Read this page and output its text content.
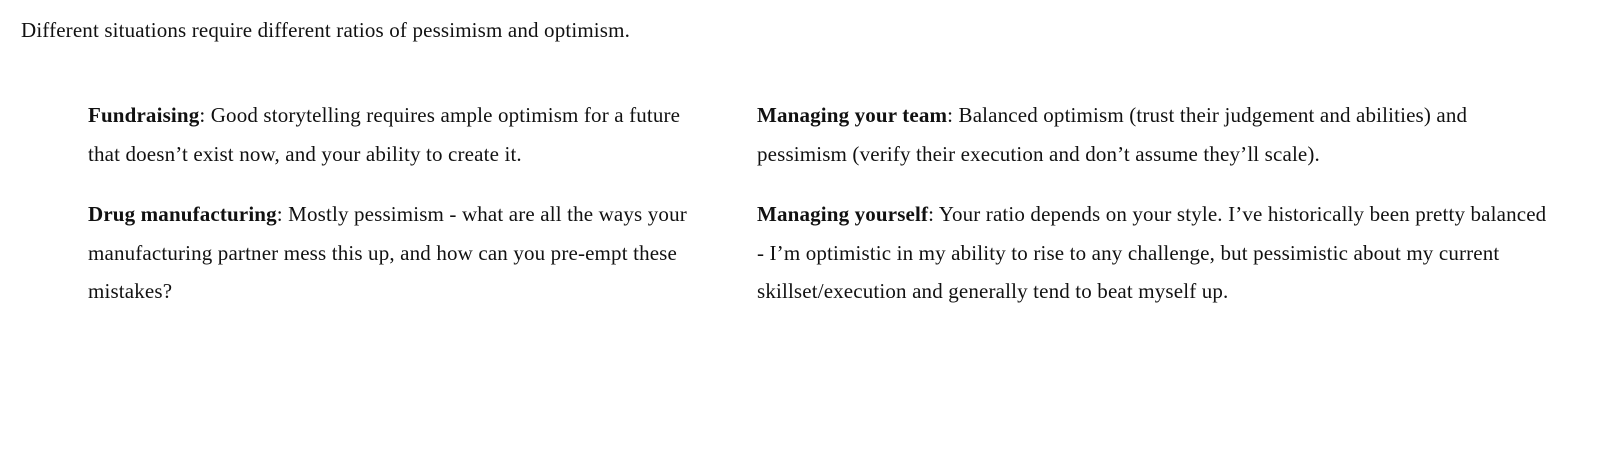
Different situations require different ratios of pessimism and optimism.

Fundraising: Good storytelling requires ample optimism for a future that doesn’t exist now, and your ability to create it.

Drug manufacturing: Mostly pessimism - what are all the ways your manufacturing partner mess this up, and how can you pre-empt these mistakes?

Managing your team: Balanced optimism (trust their judgement and abilities) and pessimism (verify their execution and don’t assume they’ll scale).

Managing yourself: Your ratio depends on your style. I’ve historically been pretty balanced - I’m optimistic in my ability to rise to any challenge, but pessimistic about my current skillset/execution and generally tend to beat myself up.
